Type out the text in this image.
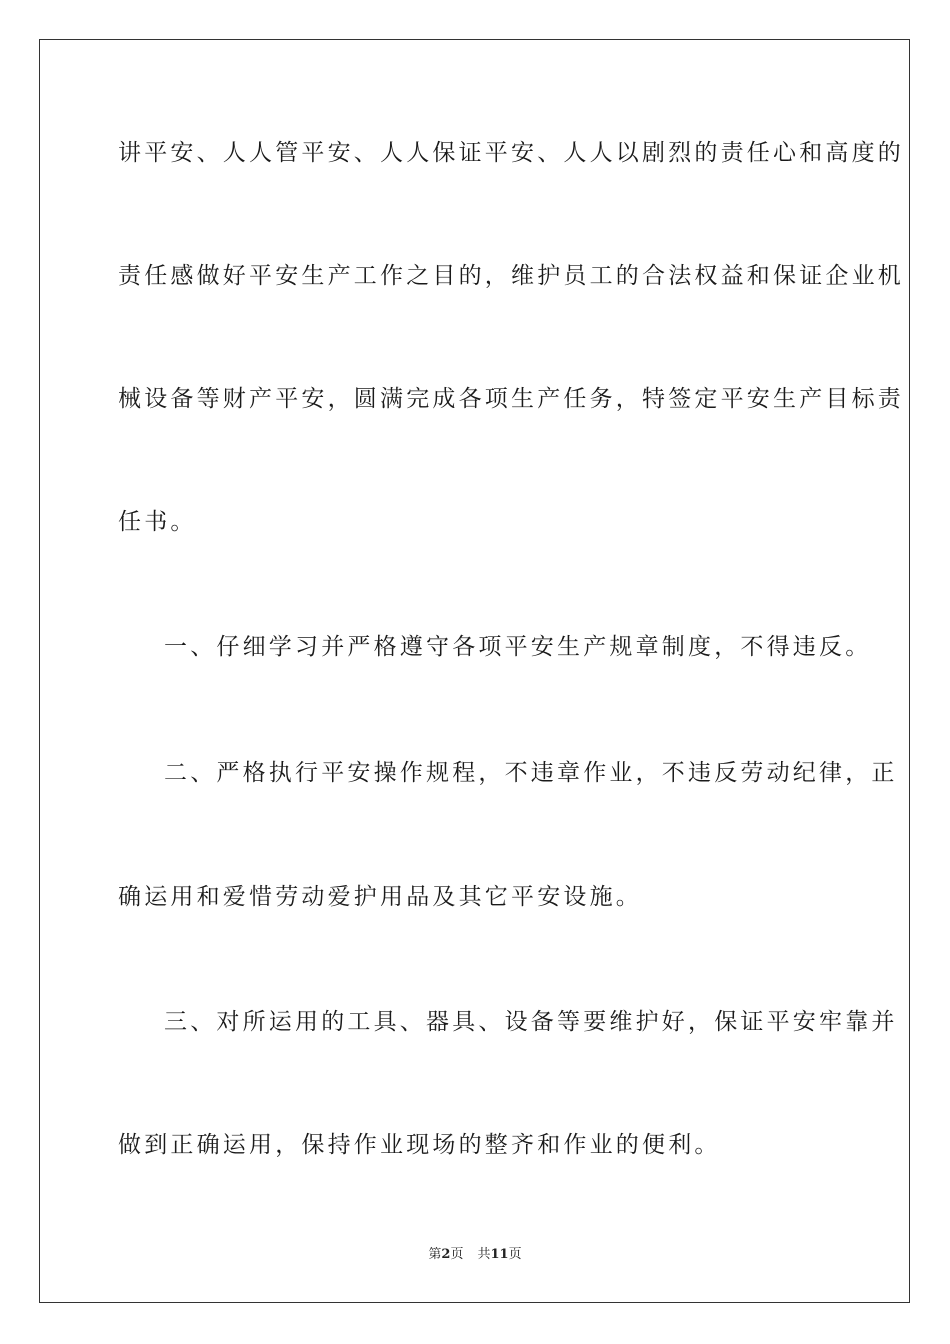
讲平安、人人管平安、人人保证平安、人人以剧烈的责任心和高度的
责任感做好平安生产工作之目的，维护员工的合法权益和保证企业机
械设备等财产平安，圆满完成各项生产任务，特签定平安生产目标责
任书。
一、仔细学习并严格遵守各项平安生产规章制度，不得违反。
二、严格执行平安操作规程，不违章作业，不违反劳动纪律，正
确运用和爱惜劳动爱护用品及其它平安设施。
三、对所运用的工具、器具、设备等要维护好，保证平安牢靠并
做到正确运用，保持作业现场的整齐和作业的便利。
第2页 共11页
